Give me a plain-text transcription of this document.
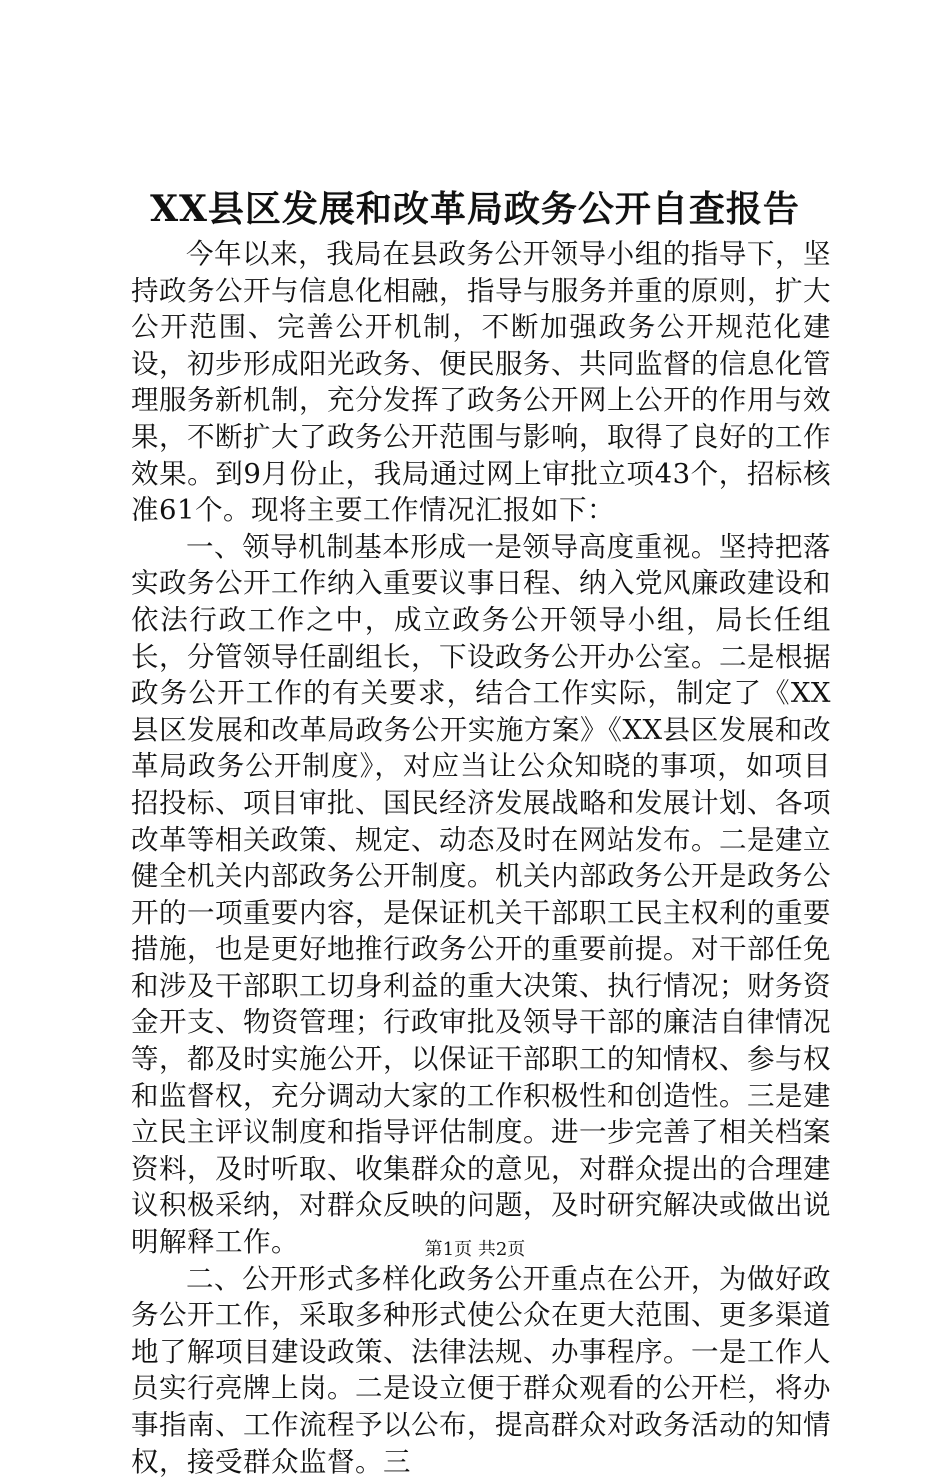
XX县区发展和改革局政务公开自查报告

今年以来，我局在县政务公开领导小组的指导下，坚持政务公开与信息化相融，指导与服务并重的原则，扩大公开范围、完善公开机制，不断加强政务公开规范化建设，初步形成阳光政务、便民服务、共同监督的信息化管理服务新机制，充分发挥了政务公开网上公开的作用与效果，不断扩大了政务公开范围与影响，取得了良好的工作效果。到9月份止，我局通过网上审批立项43个，招标核准61个。现将主要工作情况汇报如下：

一、领导机制基本形成一是领导高度重视。坚持把落实政务公开工作纳入重要议事日程、纳入党风廉政建设和依法行政工作之中，成立政务公开领导小组，局长任组长，分管领导任副组长，下设政务公开办公室。二是根据政务公开工作的有关要求，结合工作实际，制定了《XX县区发展和改革局政务公开实施方案》《XX县区发展和改革局政务公开制度》，对应当让公众知晓的事项，如项目招投标、项目审批、国民经济发展战略和发展计划、各项改革等相关政策、规定、动态及时在网站发布。二是建立健全机关内部政务公开制度。机关内部政务公开是政务公开的一项重要内容，是保证机关干部职工民主权利的重要措施，也是更好地推行政务公开的重要前提。对干部任免和涉及干部职工切身利益的重大决策、执行情况；财务资金开支、物资管理；行政审批及领导干部的廉洁自律情况等，都及时实施公开，以保证干部职工的知情权、参与权和监督权，充分调动大家的工作积极性和创造性。三是建立民主评议制度和指导评估制度。进一步完善了相关档案资料，及时听取、收集群众的意见，对群众提出的合理建议积极采纳，对群众反映的问题，及时研究解决或做出说明解释工作。

二、公开形式多样化政务公开重点在公开，为做好政务公开工作，采取多种形式使公众在更大范围、更多渠道地了解项目建设政策、法律法规、办事程序。一是工作人员实行亮牌上岗。二是设立便于群众观看的公开栏，将办事指南、工作流程予以公布，提高群众对政务活动的知情权，接受群众监督。三

第1页 共2页
